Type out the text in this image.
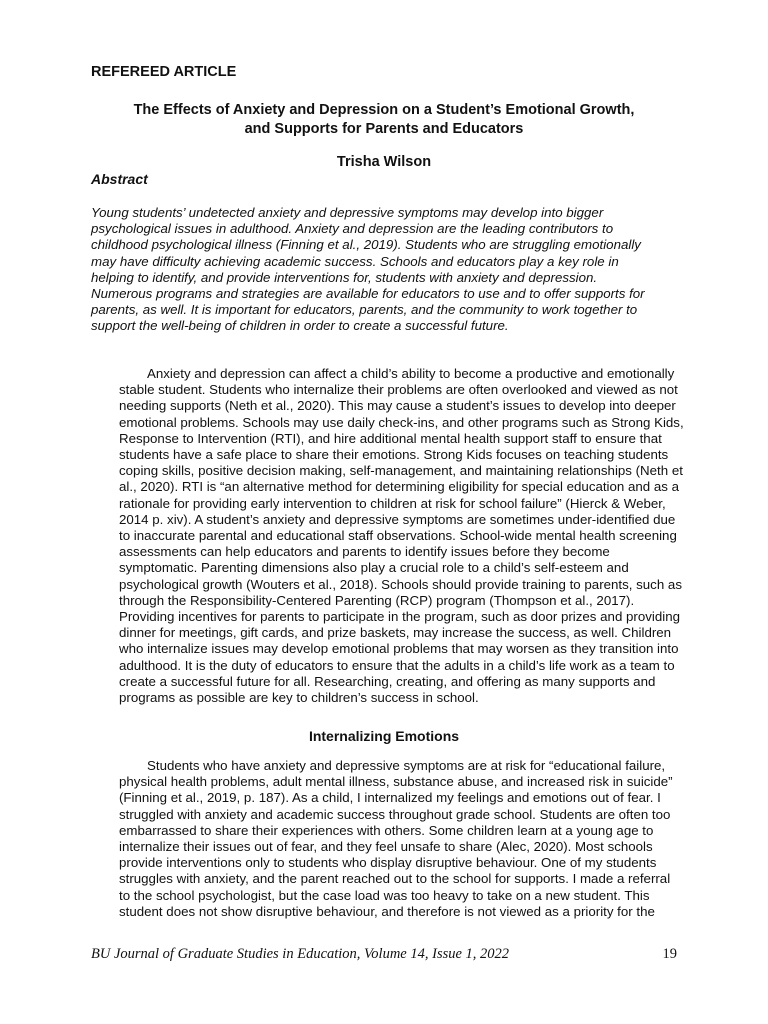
REFEREED ARTICLE
The Effects of Anxiety and Depression on a Student’s Emotional Growth,
and Supports for Parents and Educators
Trisha Wilson
Abstract

Young students’ undetected anxiety and depressive symptoms may develop into bigger
psychological issues in adulthood. Anxiety and depression are the leading contributors to
childhood psychological illness (Finning et al., 2019). Students who are struggling emotionally
may have difficulty achieving academic success. Schools and educators play a key role in
helping to identify, and provide interventions for, students with anxiety and depression.
Numerous programs and strategies are available for educators to use and to offer supports for
parents, as well. It is important for educators, parents, and the community to work together to
support the well-being of children in order to create a successful future.

Anxiety and depression can affect a child’s ability to become a productive and emotionally
stable student. Students who internalize their problems are often overlooked and viewed as not
needing supports (Neth et al., 2020). This may cause a student’s issues to develop into deeper
emotional problems. Schools may use daily check-ins, and other programs such as Strong Kids,
Response to Intervention (RTI), and hire additional mental health support staff to ensure that
students have a safe place to share their emotions. Strong Kids focuses on teaching students
coping skills, positive decision making, self-management, and maintaining relationships (Neth et
al., 2020). RTI is “an alternative method for determining eligibility for special education and as a
rationale for providing early intervention to children at risk for school failure” (Hierck & Weber,
2014 p. xiv). A student’s anxiety and depressive symptoms are sometimes under-identified due
to inaccurate parental and educational staff observations. School-wide mental health screening
assessments can help educators and parents to identify issues before they become
symptomatic. Parenting dimensions also play a crucial role to a child’s self-esteem and
psychological growth (Wouters et al., 2018). Schools should provide training to parents, such as
through the Responsibility-Centered Parenting (RCP) program (Thompson et al., 2017).
Providing incentives for parents to participate in the program, such as door prizes and providing
dinner for meetings, gift cards, and prize baskets, may increase the success, as well. Children
who internalize issues may develop emotional problems that may worsen as they transition into
adulthood. It is the duty of educators to ensure that the adults in a child’s life work as a team to
create a successful future for all. Researching, creating, and offering as many supports and
programs as possible are key to children’s success in school.

Internalizing Emotions

Students who have anxiety and depressive symptoms are at risk for “educational failure,
physical health problems, adult mental illness, substance abuse, and increased risk in suicide”
(Finning et al., 2019, p. 187). As a child, I internalized my feelings and emotions out of fear. I
struggled with anxiety and academic success throughout grade school. Students are often too
embarrassed to share their experiences with others. Some children learn at a young age to
internalize their issues out of fear, and they feel unsafe to share (Alec, 2020). Most schools
provide interventions only to students who display disruptive behaviour. One of my students
struggles with anxiety, and the parent reached out to the school for supports. I made a referral
to the school psychologist, but the case load was too heavy to take on a new student. This
student does not show disruptive behaviour, and therefore is not viewed as a priority for the

BU Journal of Graduate Studies in Education, Volume 14, Issue 1, 2022	19
